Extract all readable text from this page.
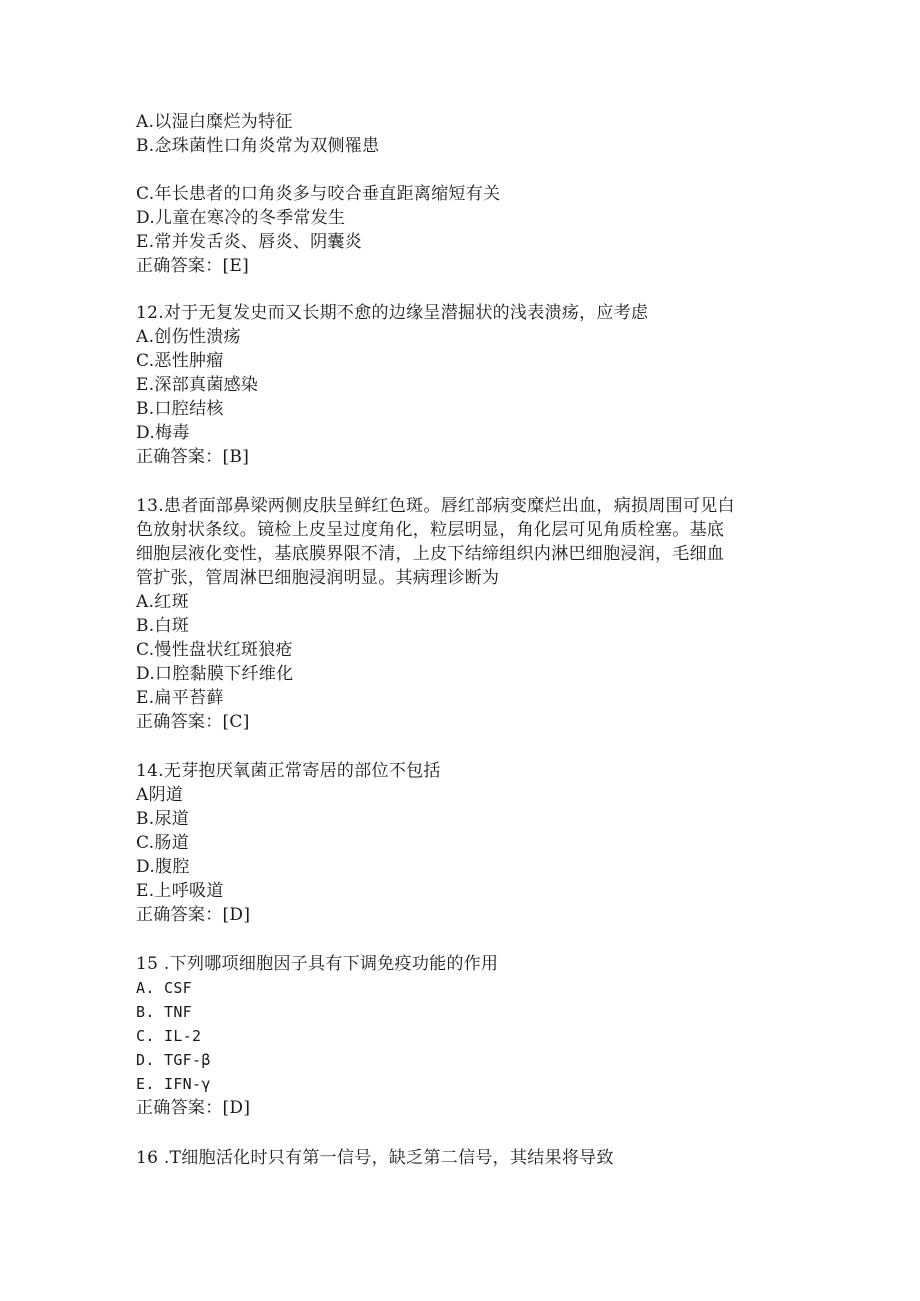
A.以湿白糜烂为特征
B.念珠菌性口角炎常为双侧罹患
C.年长患者的口角炎多与咬合垂直距离缩短有关
D.儿童在寒冷的冬季常发生
E.常并发舌炎、唇炎、阴囊炎
正确答案：[E]
12.对于无复发史而又长期不愈的边缘呈潜掘状的浅表溃疡，应考虑
A.创伤性溃疡
C.恶性肿瘤
E.深部真菌感染
B.口腔结核
D.梅毒
正确答案：[B]
13.患者面部鼻梁两侧皮肤呈鲜红色斑。唇红部病变糜烂出血，病损周围可见白
色放射状条纹。镜检上皮呈过度角化，粒层明显，角化层可见角质栓塞。基底
细胞层液化变性，基底膜界限不清，上皮下结缔组织内淋巴细胞浸润，毛细血
管扩张，管周淋巴细胞浸润明显。其病理诊断为
A.红斑
B.白斑
C.慢性盘状红斑狼疮
D.口腔黏膜下纤维化
E.扁平苔藓
正确答案：[C]
14.无芽抱厌氧菌正常寄居的部位不包括
A阴道
B.尿道
C.肠道
D.腹腔
E.上呼吸道
正确答案：[D]
15 .下列哪项细胞因子具有下调免疫功能的作用
A. CSF
B. TNF
C. IL-2
D. TGF-β
E. IFN-γ
正确答案：[D]
16 .T细胞活化时只有第一信号，缺乏第二信号，其结果将导致
